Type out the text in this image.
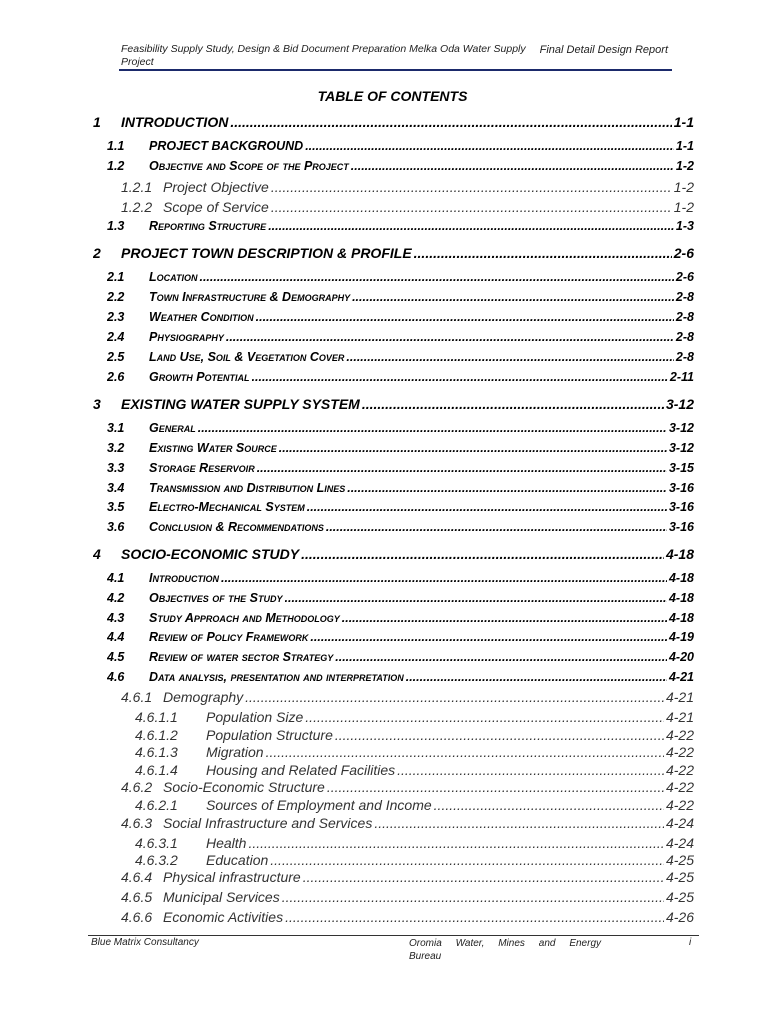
Feasibility Supply Study, Design & Bid Document Preparation Melka Oda Water Supply Project
Final Detail Design Report
TABLE OF CONTENTS
1	INTRODUCTION .....	1-1
1.1	PROJECT BACKGROUND .....	1-1
1.2	Objective and Scope of the Project .....	1-2
1.2.1 Project Objective .....	1-2
1.2.2 Scope of Service .....	1-2
1.3	Reporting Structure .....	1-3
2	PROJECT TOWN DESCRIPTION & PROFILE .....	2-6
2.1	Location .....	2-6
2.2	Town Infrastructure & Demography .....	2-8
2.3	Weather Condition .....	2-8
2.4	Physiography .....	2-8
2.5	Land Use, Soil & Vegetation Cover .....	2-8
2.6	Growth Potential .....	2-11
3	EXISTING WATER SUPPLY SYSTEM .....	3-12
3.1	General .....	3-12
3.2	Existing Water Source .....	3-12
3.3	Storage Reservoir .....	3-15
3.4	Transmission and Distribution Lines .....	3-16
3.5	Electro-Mechanical System .....	3-16
3.6	Conclusion & Recommendations .....	3-16
4	SOCIO-ECONOMIC STUDY .....	4-18
4.1	Introduction .....	4-18
4.2	Objectives of the Study .....	4-18
4.3	Study Approach and Methodology .....	4-18
4.4	Review of Policy Framework .....	4-19
4.5	Review of water sector Strategy .....	4-20
4.6	Data analysis, presentation and interpretation .....	4-21
4.6.1 Demography .....	4-21
4.6.1.1	Population Size .....	4-21
4.6.1.2	Population Structure .....	4-22
4.6.1.3	Migration .....	4-22
4.6.1.4	Housing and Related Facilities .....	4-22
4.6.2 Socio-Economic Structure .....	4-22
4.6.2.1	Sources of Employment and Income .....	4-22
4.6.3 Social Infrastructure and Services .....	4-24
4.6.3.1	Health .....	4-24
4.6.3.2	Education .....	4-25
4.6.4 Physical infrastructure .....	4-25
4.6.5 Municipal Services .....	4-25
4.6.6 Economic Activities .....	4-26
Blue Matrix Consultancy	Oromia Water, Mines and Energy
Bureau
i
